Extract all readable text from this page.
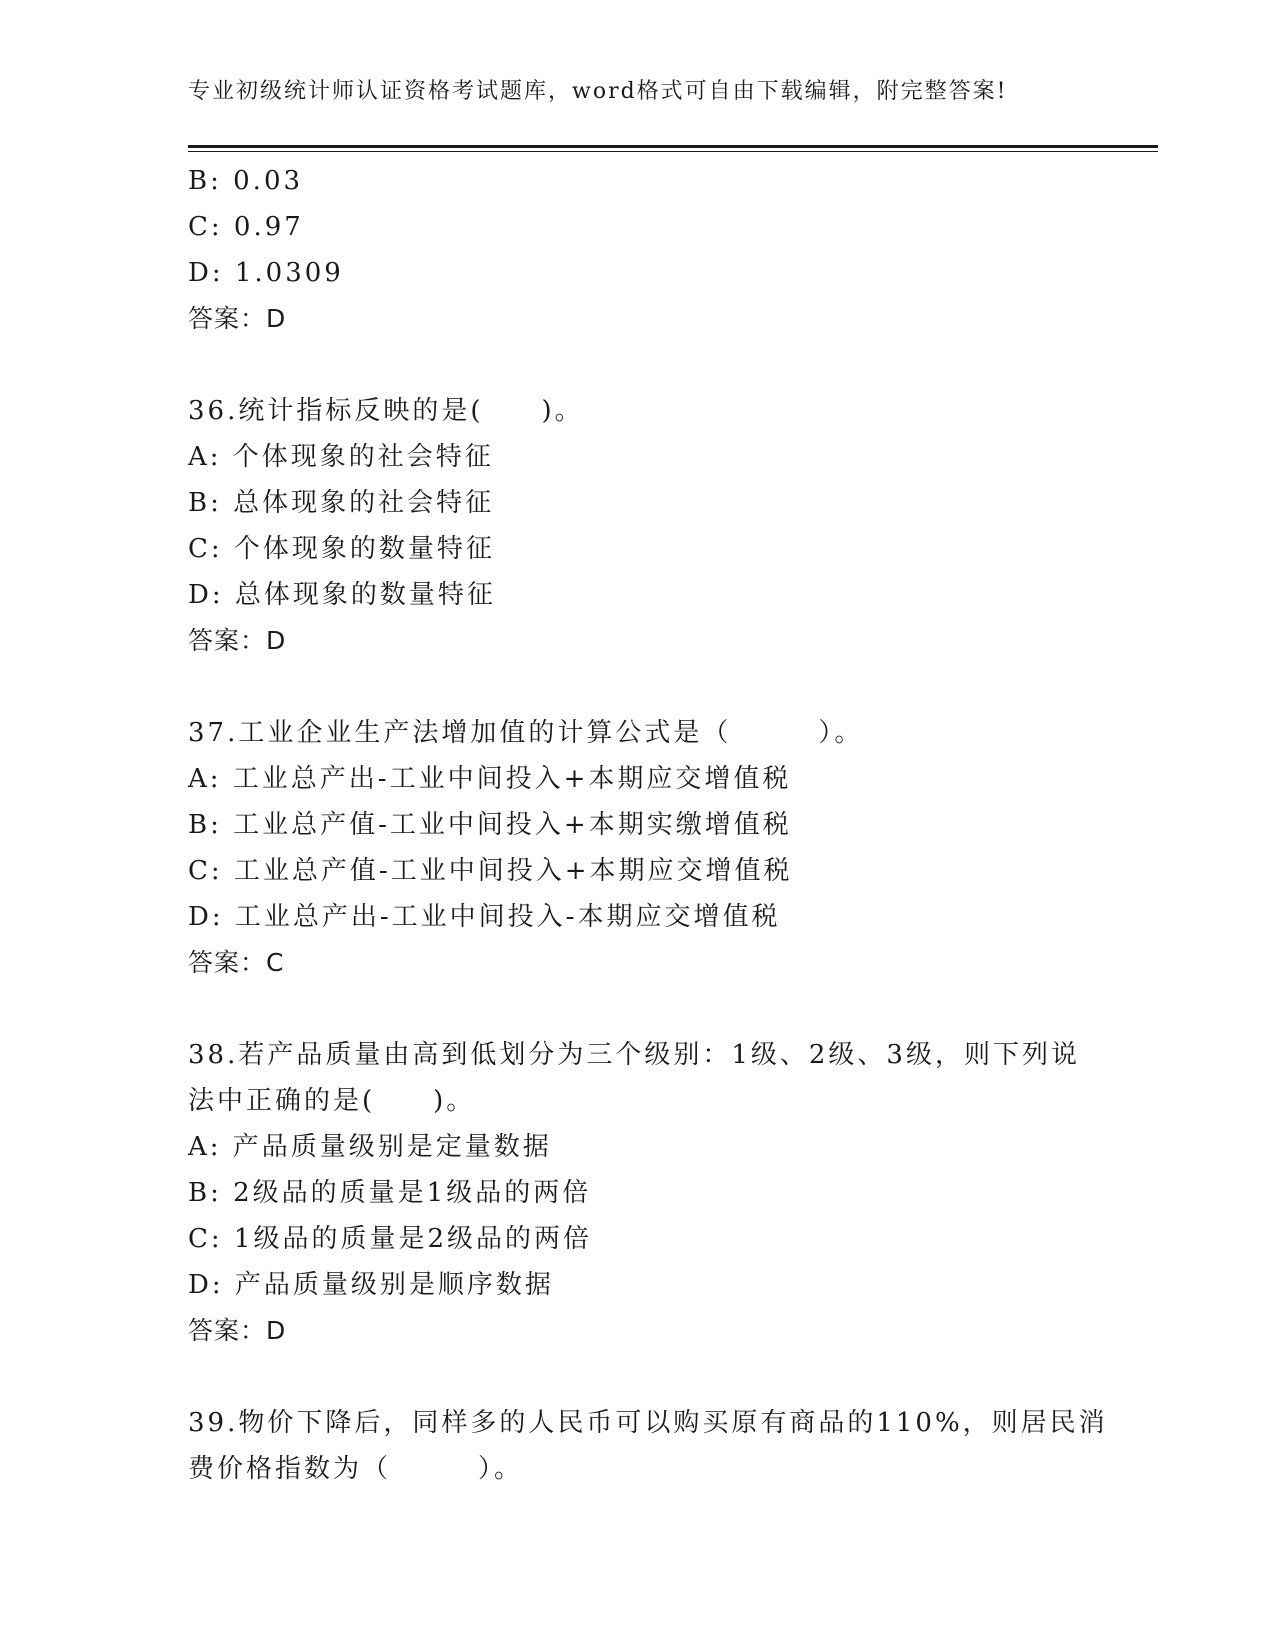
专业初级统计师认证资格考试题库，word格式可自由下载编辑，附完整答案!
B: 0.03
C: 0.97
D: 1.0309
答案：D
36.统计指标反映的是(　　)。
A: 个体现象的社会特征
B: 总体现象的社会特征
C: 个体现象的数量特征
D: 总体现象的数量特征
答案：D
37.工业企业生产法增加值的计算公式是（　　　）。
A: 工业总产出-工业中间投入+本期应交增值税
B: 工业总产值-工业中间投入+本期实缴增值税
C: 工业总产值-工业中间投入+本期应交增值税
D: 工业总产出-工业中间投入-本期应交增值税
答案：C
38.若产品质量由高到低划分为三个级别：1级、2级、3级，则下列说
法中正确的是(　　)。
A: 产品质量级别是定量数据
B: 2级品的质量是1级品的两倍
C: 1级品的质量是2级品的两倍
D: 产品质量级别是顺序数据
答案：D
39.物价下降后，同样多的人民币可以购买原有商品的110%，则居民消
费价格指数为（　　　）。
